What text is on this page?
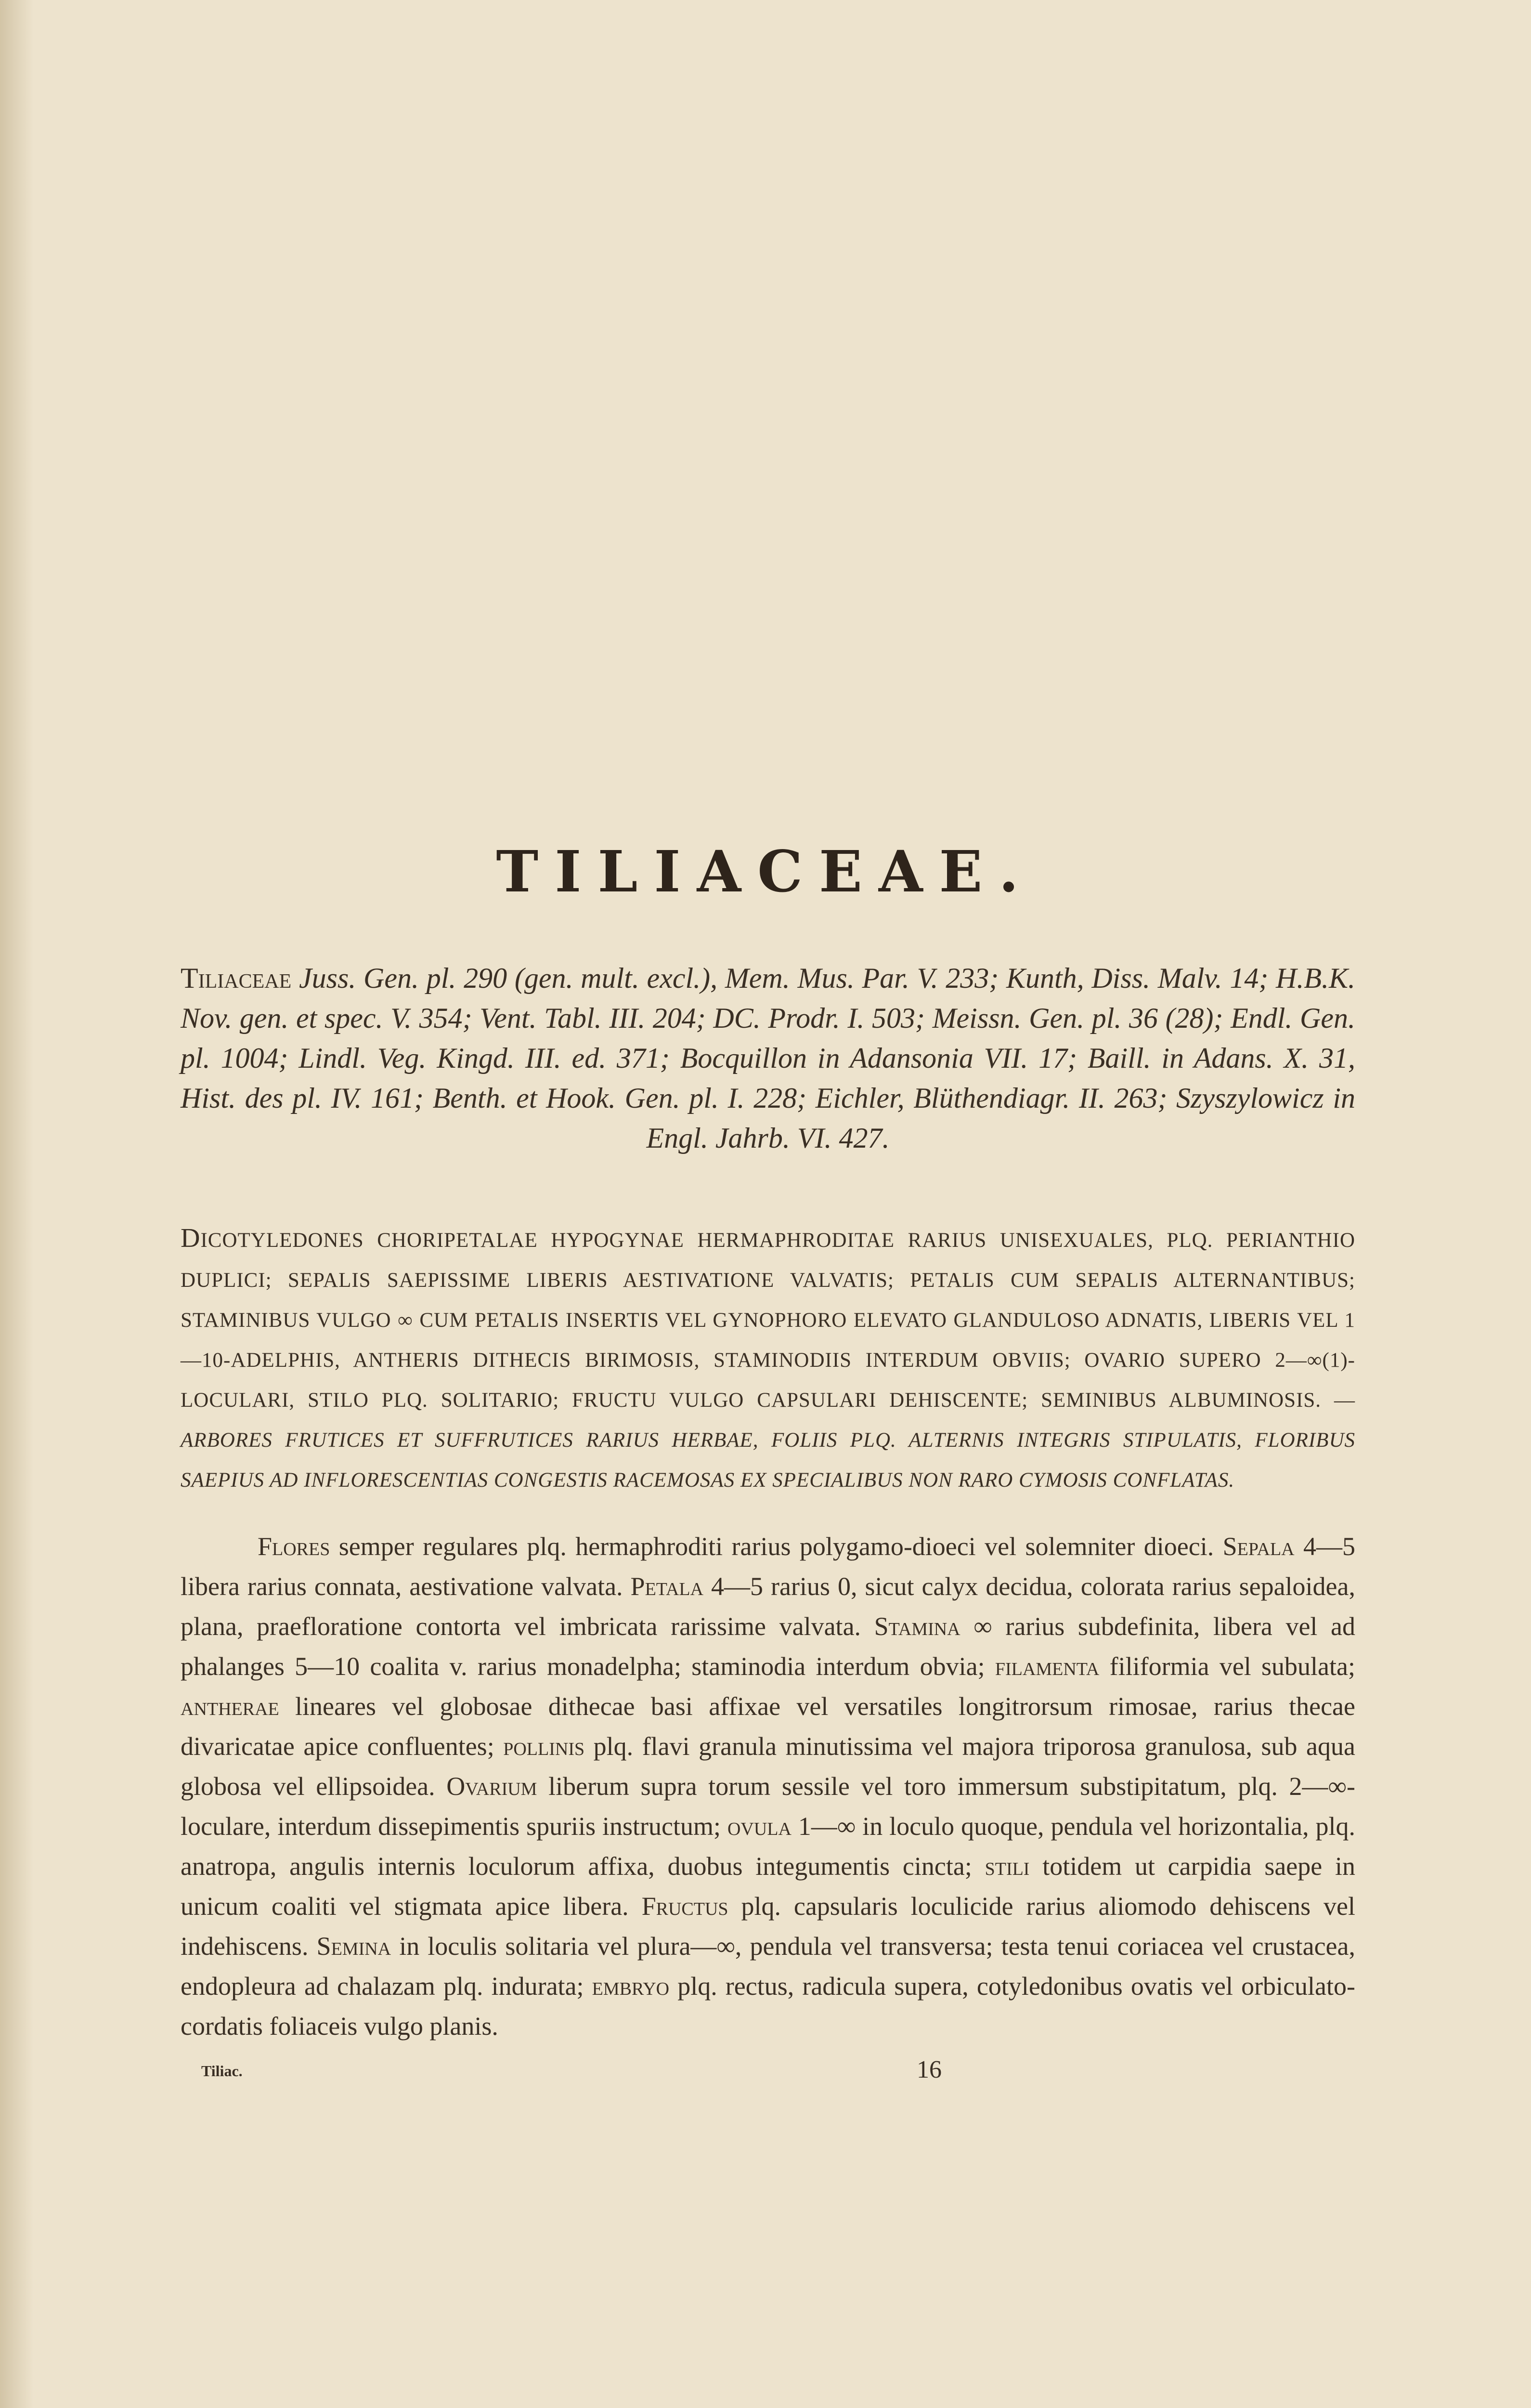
TILIACEAE.
Tiliaceae Juss. Gen. pl. 290 (gen. mult. excl.), Mem. Mus. Par. V. 233; Kunth, Diss. Malv. 14; H.B.K. Nov. gen. et spec. V. 354; Vent. Tabl. III. 204; DC. Prodr. I. 503; Meissn. Gen. pl. 36 (28); Endl. Gen. pl. 1004; Lindl. Veg. Kingd. III. ed. 371; Bocquillon in Adansonia VII. 17; Baill. in Adans. X. 31, Hist. des pl. IV. 161; Benth. et Hook. Gen. pl. I. 228; Eichler, Blüthendiagr. II. 263; Szyszylowicz in Engl. Jahrb. VI. 427.
DICOTYLEDONES CHORIPETALAE HYPOGYNAE HERMAPHRODITAE RARIUS UNISEXUALES, PLQ. PERIANTHIO DUPLICI; SEPALIS SAEPISSIME LIBERIS AESTIVATIONE VALVATIS; PETALIS CUM SEPALIS ALTERNANTIBUS; STAMINIBUS VULGO ∞ CUM PETALIS INSERTIS VEL GYNOPHORO ELEVATO GLANDULOSO ADNATIS, LIBERIS VEL 1—10-ADELPHIS, ANTHERIS DITHECIS BIRIMOSIS, STAMINODIIS INTERDUM OBVIIS; OVARIO SUPERO 2—∞(1)-LOCULARI, STILO PLQ. SOLITARIO; FRUCTU VULGO CAPSULARI DEHISCENTE; SEMINIBUS ALBUMINOSIS. — ARBORES FRUTICES ET SUFFRUTICES RARIUS HERBAE, FOLIIS PLQ. ALTERNIS INTEGRIS STIPULATIS, FLORIBUS SAEPIUS AD INFLORESCENTIAS CONGESTIS RACEMOSAS EX SPECIALIBUS NON RARO CYMOSIS CONFLATAS.
Flores semper regulares plq. hermaphroditi rarius polygamo-dioeci vel solemniter dioeci. Sepala 4—5 libera rarius connata, aestivatione valvata. Petala 4—5 rarius 0, sicut calyx decidua, colorata rarius sepaloidea, plana, praefloratione contorta vel imbricata rarissime valvata. Stamina ∞ rarius subdefinita, libera vel ad phalanges 5—10 coalita v. rarius monadelpha; staminodia interdum obvia; filamenta filiformia vel subulata; antherae lineares vel globosae dithecae basi affixae vel versatiles longitrorsum rimosae, rarius thecae divaricatae apice confluentes; pollinis plq. flavi granula minutissima vel majora triporosa granulosa, sub aqua globosa vel ellipsoidea. Ovarium liberum supra torum sessile vel toro immersum substipitatum, plq. 2—∞-loculare, interdum dissepimentis spuriis instructum; ovula 1—∞ in loculo quoque, pendula vel horizontalia, plq. anatropa, angulis internis loculorum affixa, duobus integumentis cincta; stili totidem ut carpidia saepe in unicum coaliti vel stigmata apice libera. Fructus plq. capsularis loculicide rarius aliomodo dehiscens vel indehiscens. Semina in loculis solitaria vel plura—∞, pendula vel transversa; testa tenui coriacea vel crustacea, endopleura ad chalazam plq. indurata; embryo plq. rectus, radicula supera, cotyledonibus ovatis vel orbiculato-cordatis foliaceis vulgo planis.
Tiliac.	16
